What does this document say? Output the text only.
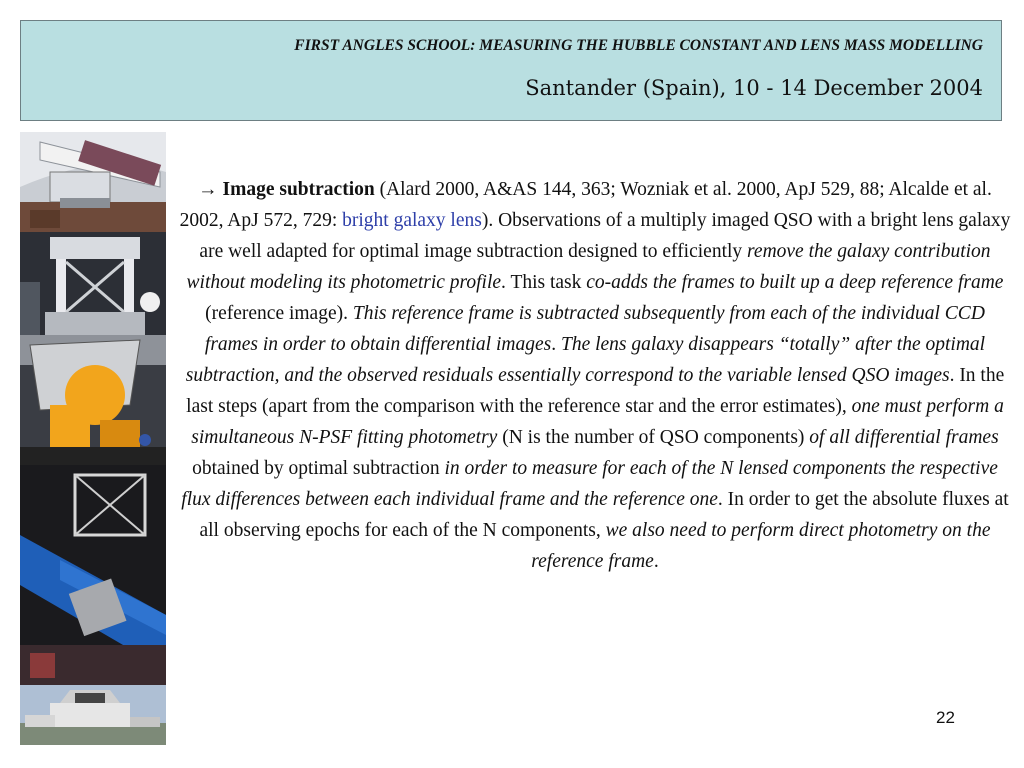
FIRST ANGLES SCHOOL: MEASURING THE HUBBLE CONSTANT AND LENS MASS MODELLING
Santander (Spain), 10 - 14 December 2004
→ Image subtraction (Alard 2000, A&AS 144, 363; Wozniak et al. 2000, ApJ 529, 88; Alcalde et al. 2002, ApJ 572, 729: bright galaxy lens). Observations of a multiply imaged QSO with a bright lens galaxy are well adapted for optimal image subtraction designed to efficiently remove the galaxy contribution without modeling its photometric profile. This task co-adds the frames to built up a deep reference frame (reference image). This reference frame is subtracted subsequently from each of the individual CCD frames in order to obtain differential images. The lens galaxy disappears “totally” after the optimal subtraction, and the observed residuals essentially correspond to the variable lensed QSO images. In the last steps (apart from the comparison with the reference star and the error estimates), one must perform a simultaneous N-PSF fitting photometry (N is the number of QSO components) of all differential frames obtained by optimal subtraction in order to measure for each of the N lensed components the respective flux differences between each individual frame and the reference one. In order to get the absolute fluxes at all observing epochs for each of the N components, we also need to perform direct photometry on the reference frame.
22
